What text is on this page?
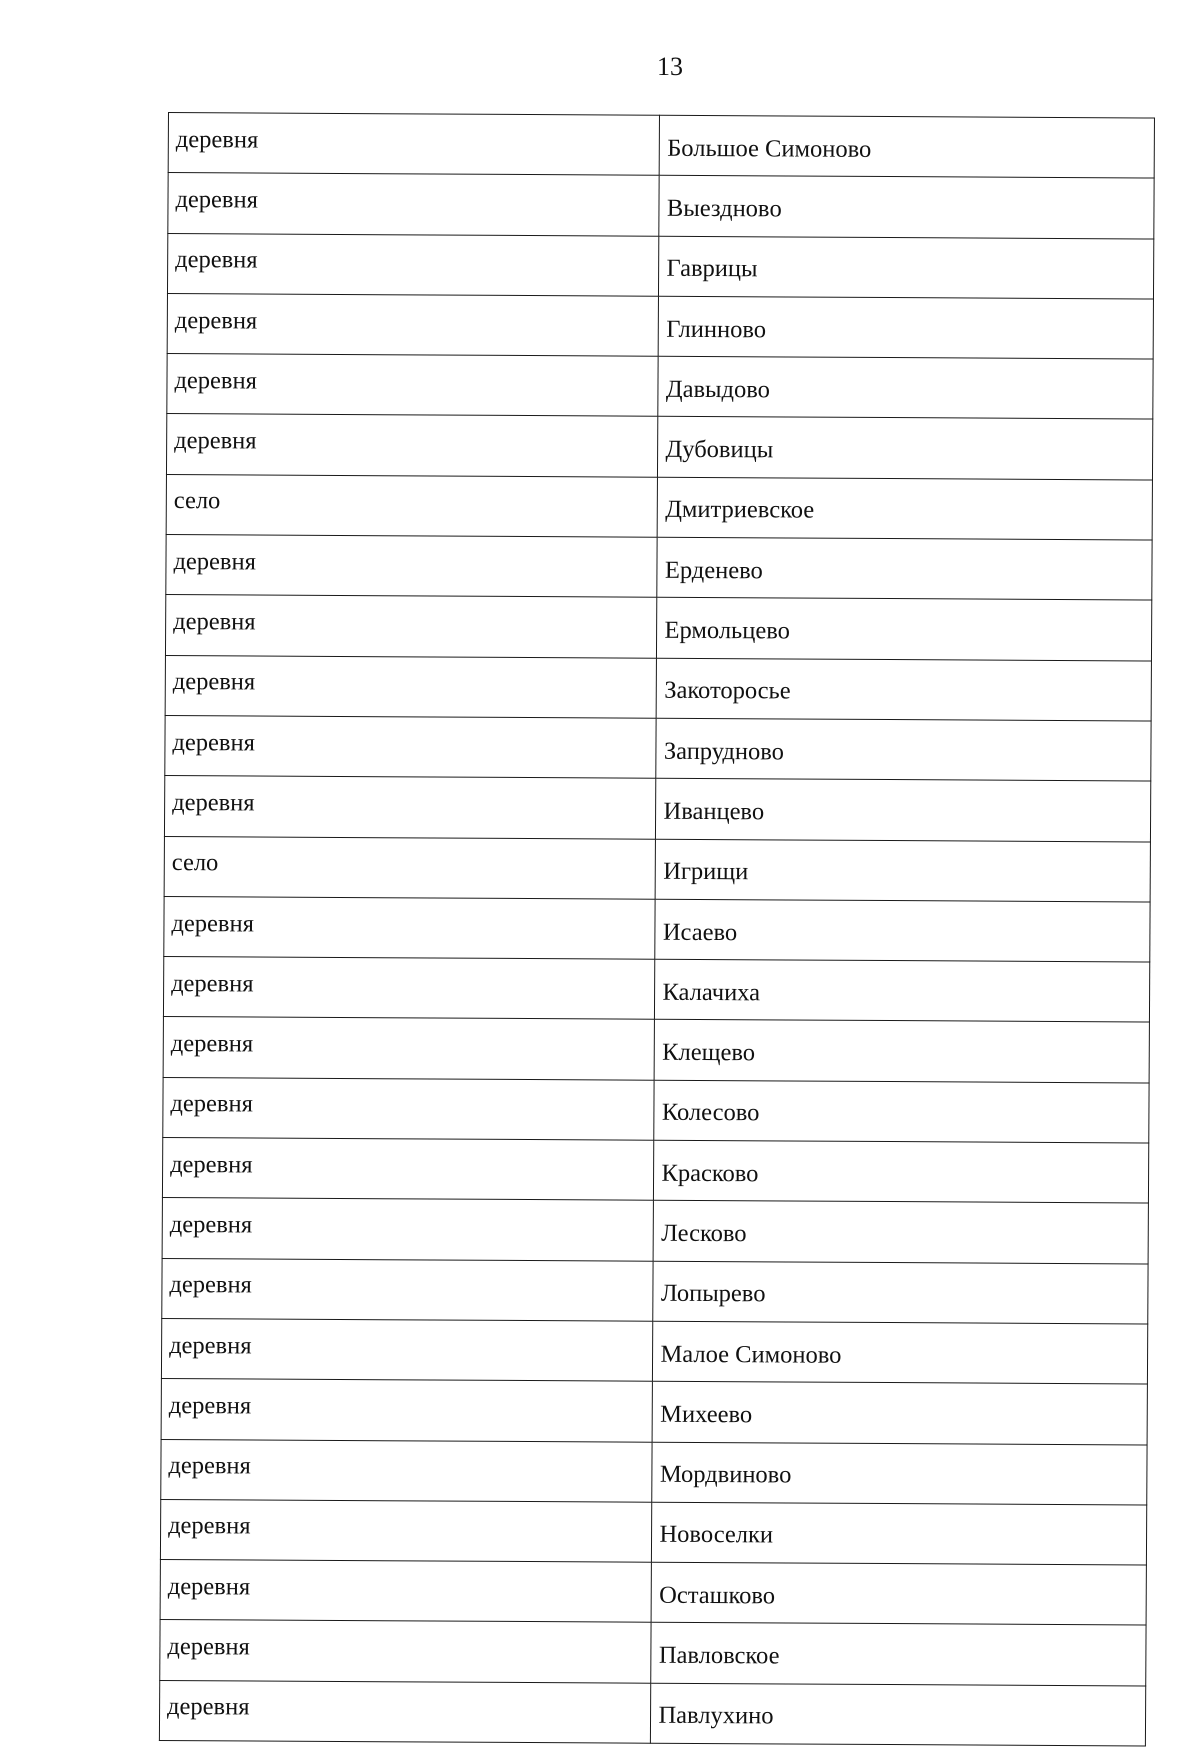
13
деревня	Большое Симоново
деревня	Выезднoвo
деревня	Гаврицы
деревня	Глинново
деревня	Давыдово
деревня	Дубовицы
село	Дмитриевское
деревня	Ерденево
деревня	Ермольцево
деревня	Закоторосье
деревня	Запрудново
деревня	Иванцево
село	Игрищи
деревня	Исаево
деревня	Калачиха
деревня	Клещево
деревня	Колесово
деревня	Красково
деревня	Лесково
деревня	Лопырево
деревня	Малое Симоново
деревня	Михеево
деревня	Мордвиново
деревня	Новоселки
деревня	Осташково
деревня	Павловское
деревня	Павлухино
